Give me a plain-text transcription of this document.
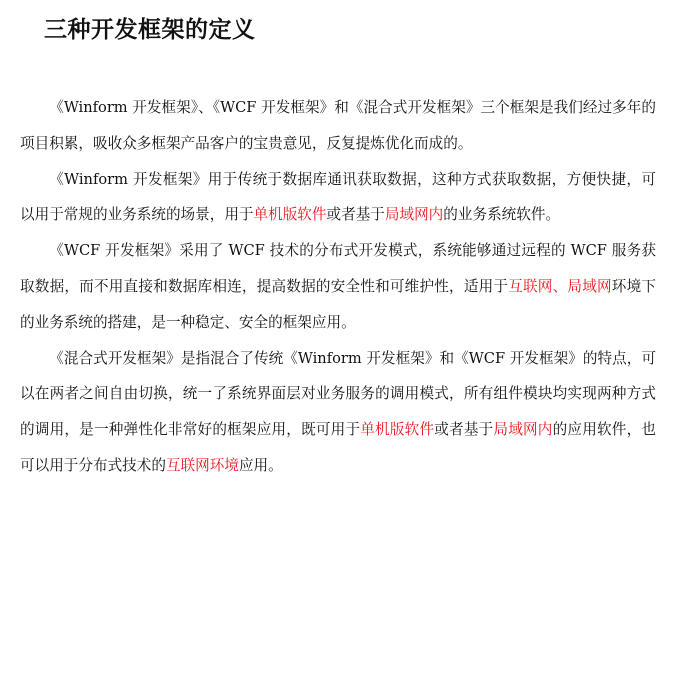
三种开发框架的定义

《Winform 开发框架》、《WCF 开发框架》和《混合式开发框架》三个框架是我们经过多年的项目积累，吸收众多框架产品客户的宝贵意见，反复提炼优化而成的。

《Winform 开发框架》用于传统于数据库通讯获取数据，这种方式获取数据，方便快捷，可以用于常规的业务系统的场景，用于单机版软件或者基于局域网内的业务系统软件。

《WCF 开发框架》采用了 WCF 技术的分布式开发模式，系统能够通过远程的 WCF 服务获取数据，而不用直接和数据库相连，提高数据的安全性和可维护性，适用于互联网、局域网环境下的业务系统的搭建，是一种稳定、安全的框架应用。

《混合式开发框架》是指混合了传统《Winform 开发框架》和《WCF 开发框架》的特点，可以在两者之间自由切换，统一了系统界面层对业务服务的调用模式，所有组件模块均实现两种方式的调用，是一种弹性化非常好的框架应用，既可用于单机版软件或者基于局域网内的应用软件，也可以用于分布式技术的互联网环境应用。
